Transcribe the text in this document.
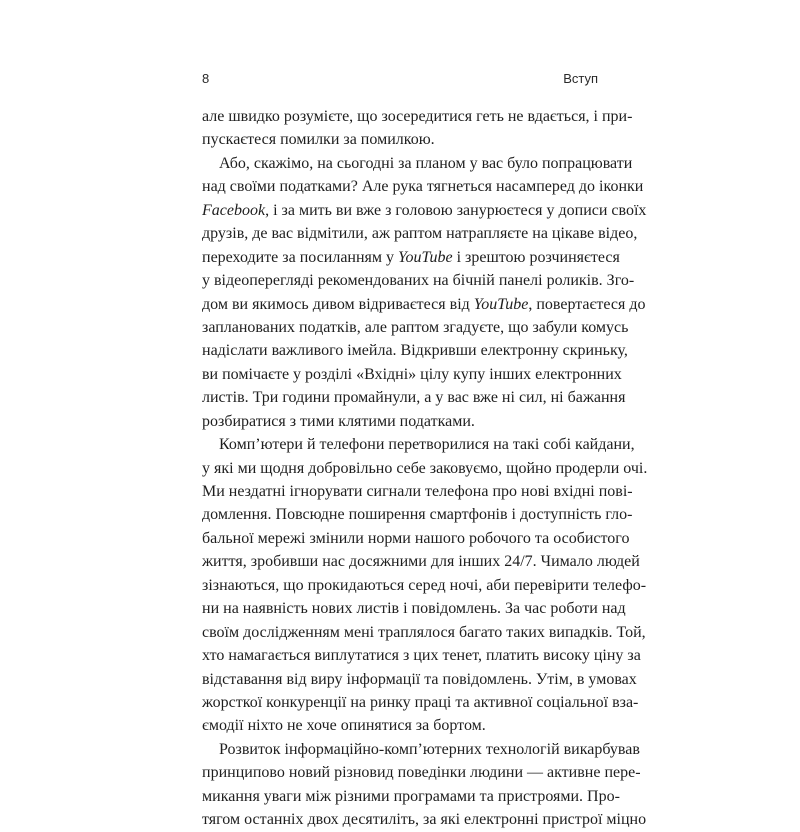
8	Вступ
але швидко розумієте, що зосередитися геть не вдається, і при-
пускаєтеся помилки за помилкою.
Або, скажімо, на сьогодні за планом у вас було попрацювати
над своїми податками? Але рука тягнеться насамперед до іконки
Facebook, і за мить ви вже з головою занурюєтеся у дописи своїх
друзів, де вас відмітили, аж раптом натрапляєте на цікаве відео,
переходите за посиланням у YouTube і зрештою розчиняєтеся
у відеоперегляді рекомендованих на бічній панелі роликів. Зго-
дом ви якимось дивом відриваєтеся від YouTube, повертаєтеся до
запланованих податків, але раптом згадуєте, що забули комусь
надіслати важливого імейла. Відкривши електронну скриньку,
ви помічаєте у розділі «Вхідні» цілу купу інших електронних
листів. Три години промайнули, а у вас вже ні сил, ні бажання
розбиратися з тими клятими податками.
Комп’ютери й телефони перетворилися на такі собі кайдани,
у які ми щодня добровільно себе заковуємо, щойно продерли очі.
Ми нездатні ігнорувати сигнали телефона про нові вхідні пові-
домлення. Повсюдне поширення смартфонів і доступність гло-
бальної мережі змінили норми нашого робочого та особистого
життя, зробивши нас досяжними для інших 24/7. Чимало людей
зізнаються, що прокидаються серед ночі, аби перевірити телефо-
ни на наявність нових листів і повідомлень. За час роботи над
своїм дослідженням мені траплялося багато таких випадків. Той,
хто намагається виплутатися з цих тенет, платить високу ціну за
відставання від виру інформації та повідомлень. Утім, в умовах
жорсткої конкуренції на ринку праці та активної соціальної вза-
ємодії ніхто не хоче опинятися за бортом.
Розвиток інформаційно-комп’ютерних технологій викарбував
принципово новий різновид поведінки людини — активне пере-
микання уваги між різними програмами та пристроями. Про-
тягом останніх двох десятиліть, за які електронні пристрої міцно
